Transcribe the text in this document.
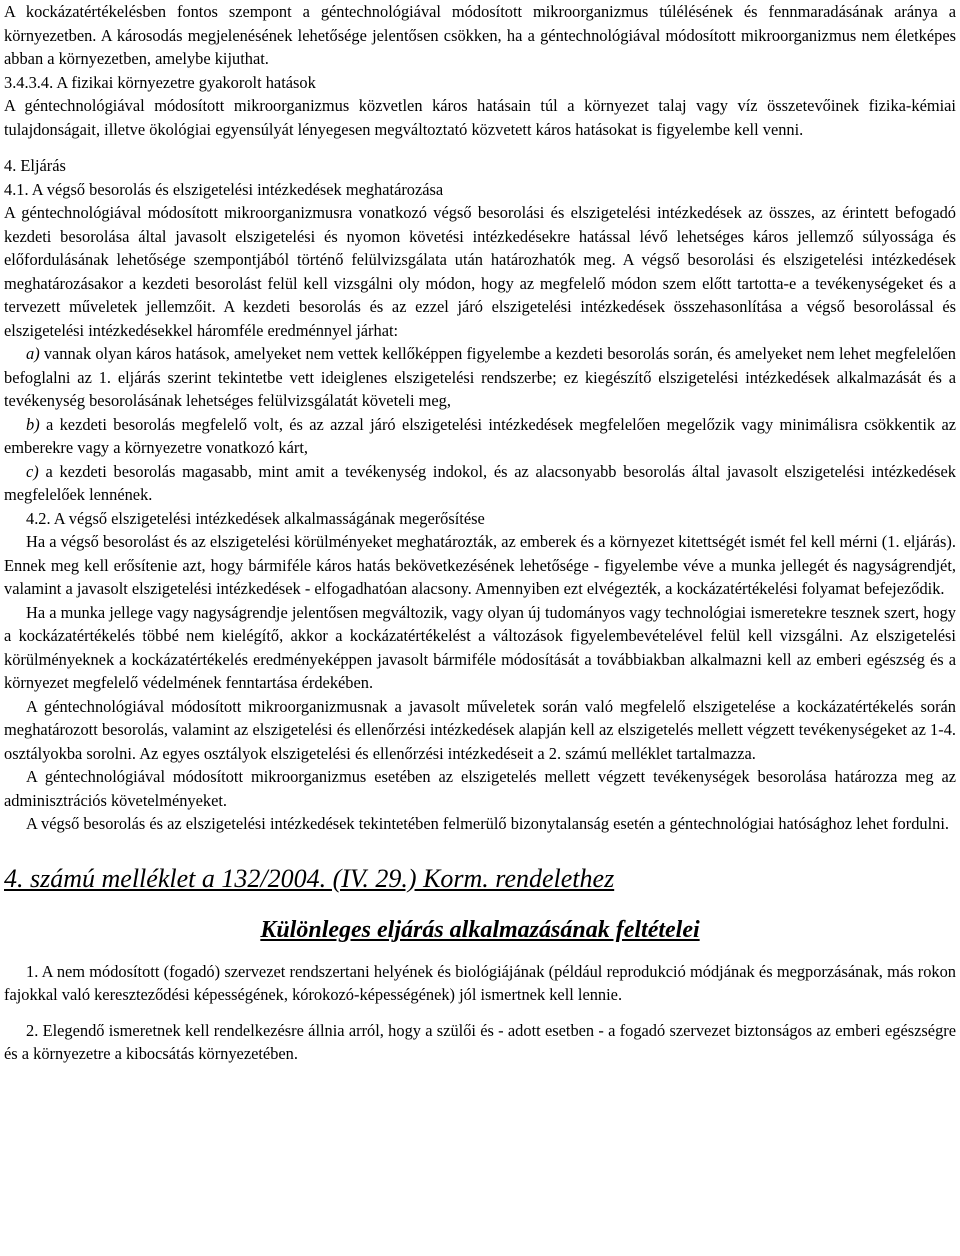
A kockázatértékelésben fontos szempont a géntechnológiával módosított mikroorganizmus túlélésének és fennmaradásának aránya a környezetben. A károsodás megjelenésének lehetősége jelentősen csökken, ha a géntechnológiával módosított mikroorganizmus nem életképes abban a környezetben, amelybe kijuthat.

3.4.3.4. A fizikai környezetre gyakorolt hatások

A géntechnológiával módosított mikroorganizmus közvetlen káros hatásain túl a környezet talaj vagy víz összetevőinek fizika-kémiai tulajdonságait, illetve ökológiai egyensúlyát lényegesen megváltoztató közvetett káros hatásokat is figyelembe kell venni.

4. Eljárás

4.1. A végső besorolás és elszigetelési intézkedések meghatározása

A géntechnológiával módosított mikroorganizmusra vonatkozó végső besorolási és elszigetelési intézkedések az összes, az érintett befogadó kezdeti besorolása által javasolt elszigetelési és nyomon követési intézkedésekre hatással lévő lehetséges káros jellemző súlyossága és előfordulásának lehetősége szempontjából történő felülvizsgálata után határozhatók meg. A végső besorolási és elszigetelési intézkedések meghatározásakor a kezdeti besorolást felül kell vizsgálni oly módon, hogy az megfelelő módon szem előtt tartotta-e a tevékenységeket és a tervezett műveletek jellemzőit. A kezdeti besorolás és az ezzel járó elszigetelési intézkedések összehasonlítása a végső besorolással és elszigetelési intézkedésekkel háromféle eredménnyel járhat:

a) vannak olyan káros hatások, amelyeket nem vettek kellőképpen figyelembe a kezdeti besorolás során, és amelyeket nem lehet megfelelően befoglalni az 1. eljárás szerint tekintetbe vett ideiglenes elszigetelési rendszerbe; ez kiegészítő elszigetelési intézkedések alkalmazását és a tevékenység besorolásának lehetséges felülvizsgálatát követeli meg,

b) a kezdeti besorolás megfelelő volt, és az azzal járó elszigetelési intézkedések megfelelően megelőzik vagy minimálisra csökkentik az emberekre vagy a környezetre vonatkozó kárt,

c) a kezdeti besorolás magasabb, mint amit a tevékenység indokol, és az alacsonyabb besorolás által javasolt elszigetelési intézkedések megfelelőek lennének.

4.2. A végső elszigetelési intézkedések alkalmasságának megerősítése

Ha a végső besorolást és az elszigetelési körülményeket meghatározták, az emberek és a környezet kitettségét ismét fel kell mérni (1. eljárás). Ennek meg kell erősítenie azt, hogy bármiféle káros hatás bekövetkezésének lehetősége - figyelembe véve a munka jellegét és nagyságrendjét, valamint a javasolt elszigetelési intézkedések - elfogadhatóan alacsony. Amennyiben ezt elvégezték, a kockázatértékelési folyamat befejeződik.

Ha a munka jellege vagy nagyságrendje jelentősen megváltozik, vagy olyan új tudományos vagy technológiai ismeretekre tesznek szert, hogy a kockázatértékelés többé nem kielégítő, akkor a kockázatértékelést a változások figyelembevételével felül kell vizsgálni. Az elszigetelési körülményeknek a kockázatértékelés eredményeképpen javasolt bármiféle módosítását a továbbiakban alkalmazni kell az emberi egészség és a környezet megfelelő védelmének fenntartása érdekében.

A géntechnológiával módosított mikroorganizmusnak a javasolt műveletek során való megfelelő elszigetelése a kockázatértékelés során meghatározott besorolás, valamint az elszigetelési és ellenőrzési intézkedések alapján kell az elszigetelés mellett végzett tevékenységeket az 1-4. osztályokba sorolni. Az egyes osztályok elszigetelési és ellenőrzési intézkedéseit a 2. számú melléklet tartalmazza.

A géntechnológiával módosított mikroorganizmus esetében az elszigetelés mellett végzett tevékenységek besorolása határozza meg az adminisztrációs követelményeket.

A végső besorolás és az elszigetelési intézkedések tekintetében felmerülő bizonytalanság esetén a géntechnológiai hatósághoz lehet fordulni.

4. számú melléklet a 132/2004. (IV. 29.) Korm. rendelethez
Különleges eljárás alkalmazásának feltételei

1. A nem módosított (fogadó) szervezet rendszertani helyének és biológiájának (például reprodukció módjának és megporzásának, más rokon fajokkal való kereszteződési képességének, kórokozó-képességének) jól ismertnek kell lennie.

2. Elegendő ismeretnek kell rendelkezésre állnia arról, hogy a szülői és - adott esetben - a fogadó szervezet biztonságos az emberi egészségre és a környezetre a kibocsátás környezetében.
